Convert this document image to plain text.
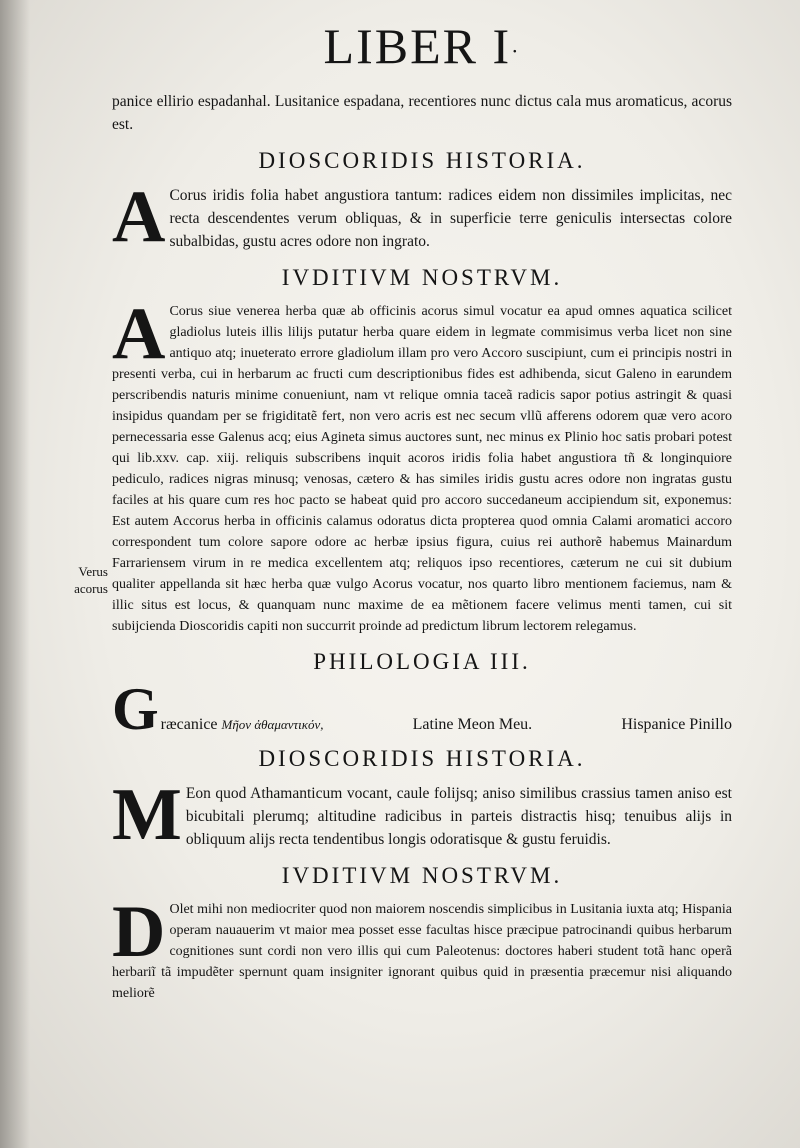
Verus
acorus
LIBER I·

panice ellirio espadanhal. Lusitanice espadana, recentiores nunc dictus cala mus aromaticus, acorus est.

DIOSCORIDIS HISTORIA.

A Corus iridis folia habet angustiora tantum: radices eidem non dissimiles implicitas, nec recta descendentes verum obliquas, & in superficie terre geniculis intersectas colore subalbidas, gustu acres odore non ingrato.

IVDITIVM NOSTRVM.

A Corus siue venerea herba quæ ab officinis acorus simul vocatur ea apud omnes aquatica scilicet gladiolus luteis illis lilijs putatur herba quare eidem in legmate commisimus verba licet non sine antiquo atq; inueterato errore gladiolum illam pro vero Accoro suscipiunt, cum ei principis nostri in presenti verba, cui in herbarum ac fructi cum descriptionibus fides est adhibenda, sicut Galeno in earundem perscribendis naturis minime conueniunt, nam vt relique omnia taceã radicis sapor potius astringit & quasi insipidus quandam per se frigiditatẽ fert, non vero acris est nec secum vllũ afferens odorem quæ vero acoro pernecessaria esse Galenus acq; eius Agineta simus auctores sunt, nec minus ex Plinio hoc satis probari potest qui lib.xxv. cap. xiij. reliquis subscribens inquit acoros iridis folia habet angustiora tñ & longinquiore pediculo, radices nigras minusq; venosas, cætero & has similes iridis gustu acres odore non ingratas gustu faciles at his quare cum res hoc pacto se habeat quid pro accoro succedaneum accipiendum sit, exponemus: Est autem Accorus herba in officinis calamus odoratus dicta propterea quod omnia Calami aromatici accoro correspondent tum colore sapore odore ac herbæ ipsius figura, cuius rei authorẽ habemus Mainardum Farrariensem virum in re medica excellentem atq; reliquos ipso recentiores, cæterum ne cui sit dubium qualiter appellanda sit hæc herba quæ vulgo Acorus vocatur, nos quarto libro mentionem faciemus, nam & illic situs est locus, & quanquam nunc maxime de ea mẽtionem facere velimus menti tamen, cui sit subijcienda Dioscoridis capiti non succurrit proinde ad predictum librum lectorem relegamus.

PHILOLOGIA III.
G ræcanice Μῆον ἀθαμαντικόν,	Latine Meon Meu.	Hispanice Pinillo
DIOSCORIDIS HISTORIA.

M Eon quod Athamanticum vocant, caule folijsq; aniso similibus crassius tamen aniso est bicubitali plerumq; altitudine radicibus in parteis distractis hisq; tenuibus alijs in obliquum alijs recta tendentibus longis odoratisque & gustu feruidis.

IVDITIVM NOSTRVM.

D Olet mihi non mediocriter quod non maiorem noscendis simplicibus in Lusitania iuxta atq; Hispania operam nauauerim vt maior mea posset esse facultas hisce præcipue patrocinandi quibus herbarum cognitiones sunt cordi non vero illis qui cum Paleotenus: doctores haberi student totã hanc operã herbariĩ tã impudẽter spernunt quam insigniter ignorant quibus quid in præsentia præcemur nisi aliquando meliorẽ
